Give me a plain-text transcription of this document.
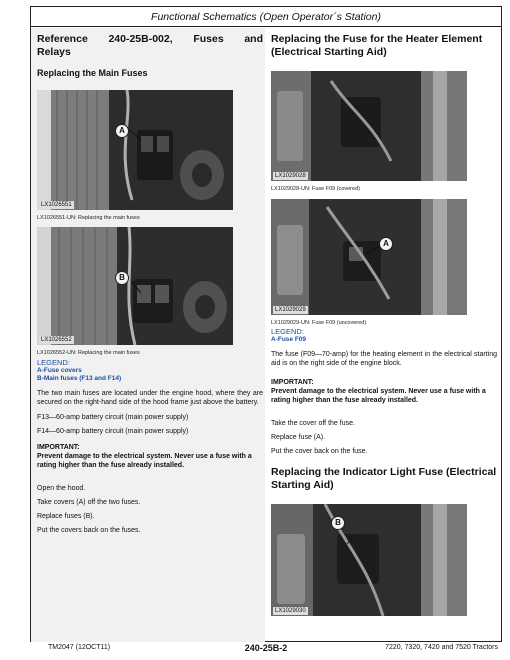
Functional Schematics (Open Operator´s Station)
Reference 240-25B-002, Fuses and
Relays
Replacing the Main Fuses
A
LX1026551
LX1026551-UN: Replacing the main fuses
B
LX1026552
LX1026552-UN: Replacing the main fuses
LEGEND:
A-Fuse covers
B-Main fuses (F13 and F14)

The two main fuses are located under the engine hood, where they are secured on the right-hand side of the hood frame just above the battery.

F13—60-amp battery circuit (main power supply)

F14—60-amp battery circuit (main power supply)

IMPORTANT:

Prevent damage to the electrical system. Never use a fuse with a rating higher than the fuse already installed.

Open the hood.

Take covers (A) off the two fuses.

Replace fuses (B).

Put the covers back on the fuses.

Replacing the Fuse for the Heater Element (Electrical Starting Aid)
LX1029028
LX1029028-UN: Fuse F09 (covered)
A
LX1029029
LX1029029-UN: Fuse F09 (uncovered)
LEGEND:
A-Fuse F09

The fuse (F09—70-amp) for the heating element in the electrical starting aid is on the right side of the engine block.

IMPORTANT:

Prevent damage to the electrical system. Never use a fuse with a rating higher than the fuse already installed.

Take the cover off the fuse.

Replace fuse (A).

Put the cover back on the fuse.

Replacing the Indicator Light Fuse (Electrical Starting Aid)
B
LX1029030
TM2047 (12OCT11)	240-25B-2	7220, 7320, 7420 and 7520 Tractors
